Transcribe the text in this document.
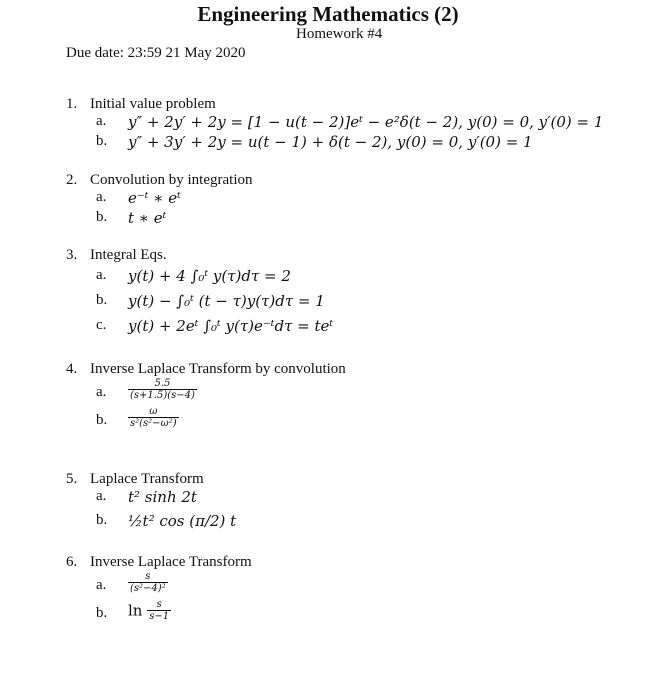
Engineering Mathematics (2)
Homework #4
Due date: 23:59 21 May 2020
1. Initial value problem
a. y″ + 2y′ + 2y = [1 − u(t − 2)]eᵗ − e²δ(t − 2), y(0) = 0, y′(0) = 1
b. y″ + 3y′ + 2y = u(t − 1) + δ(t − 2), y(0) = 0, y′(0) = 1
2. Convolution by integration
a. e⁻ᵗ ∗ eᵗ
b. t ∗ eᵗ
3. Integral Eqs.
a. y(t) + 4 ∫₀ᵗ y(τ)dτ = 2
b. y(t) − ∫₀ᵗ (t − τ)y(τ)dτ = 1
c. y(t) + 2eᵗ ∫₀ᵗ y(τ)e⁻ᵗdτ = teᵗ
4. Inverse Laplace Transform by convolution
a. $\frac{5.5}{(s+1.5)(s-4)}$
b. $\frac{\omega}{\text{s²(s²−ω²)}}$
5. Laplace Transform
a. t² sinh 2t
b. ½t² cos (π/2) t
6. Inverse Laplace Transform
a. $\frac{s}{\text{(s²−4)²}}$
b. $\ln \frac{s}{s-1}$
